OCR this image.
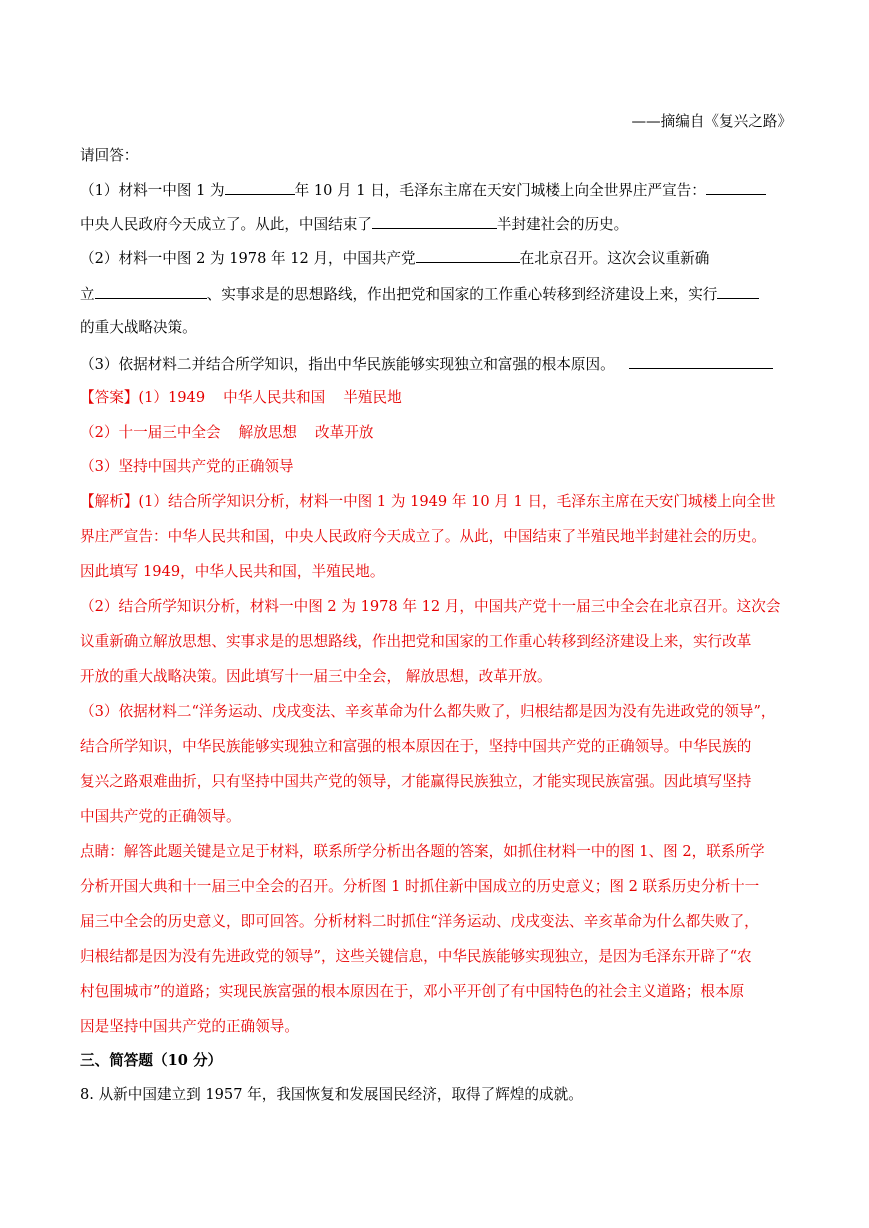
——摘编自《复兴之路》
请回答：
（1）材料一中图 1 为	年 10 月 1 日，毛泽东主席在天安门城楼上向全世界庄严宣告：
中央人民政府今天成立了。从此，中国结束了	半封建社会的历史。
（2）材料一中图 2 为 1978 年 12 月，中国共产党	在北京召开。这次会议重新确
立	、实事求是的思想路线，作出把党和国家的工作重心转移到经济建设上来，实行
的重大战略决策。
（3）依据材料二并结合所学知识，指出中华民族能够实现独立和富强的根本原因。
【答案】(1）1949 中华人民共和国 半殖民地
（2）十一届三中全会 解放思想 改革开放
（3）坚持中国共产党的正确领导
【解析】(1）结合所学知识分析，材料一中图 1 为 1949 年 10 月 1 日，毛泽东主席在天安门城楼上向全世
界庄严宣告：中华人民共和国，中央人民政府今天成立了。从此，中国结束了半殖民地半封建社会的历史。
因此填写 1949，中华人民共和国，半殖民地。
（2）结合所学知识分析，材料一中图 2 为 1978 年 12 月，中国共产党十一届三中全会在北京召开。这次会
议重新确立解放思想、实事求是的思想路线，作出把党和国家的工作重心转移到经济建设上来，实行改革
开放的重大战略决策。因此填写十一届三中全会， 解放思想，改革开放。
（3）依据材料二“洋务运动、戊戌变法、辛亥革命为什么都失败了，归根结都是因为没有先进政党的领导”，
结合所学知识，中华民族能够实现独立和富强的根本原因在于，坚持中国共产党的正确领导。中华民族的
复兴之路艰难曲折，只有坚持中国共产党的领导，才能赢得民族独立，才能实现民族富强。因此填写坚持
中国共产党的正确领导。
点睛：解答此题关键是立足于材料，联系所学分析出各题的答案，如抓住材料一中的图 1、图 2，联系所学
分析开国大典和十一届三中全会的召开。分析图 1 时抓住新中国成立的历史意义；图 2 联系历史分析十一
届三中全会的历史意义，即可回答。分析材料二时抓住“洋务运动、戊戌变法、辛亥革命为什么都失败了，
归根结都是因为没有先进政党的领导”，这些关键信息，中华民族能够实现独立，是因为毛泽东开辟了“农
村包围城市”的道路；实现民族富强的根本原因在于，邓小平开创了有中国特色的社会主义道路；根本原
因是坚持中国共产党的正确领导。
三、简答题（10 分）
8. 从新中国建立到 1957 年，我国恢复和发展国民经济，取得了辉煌的成就。
